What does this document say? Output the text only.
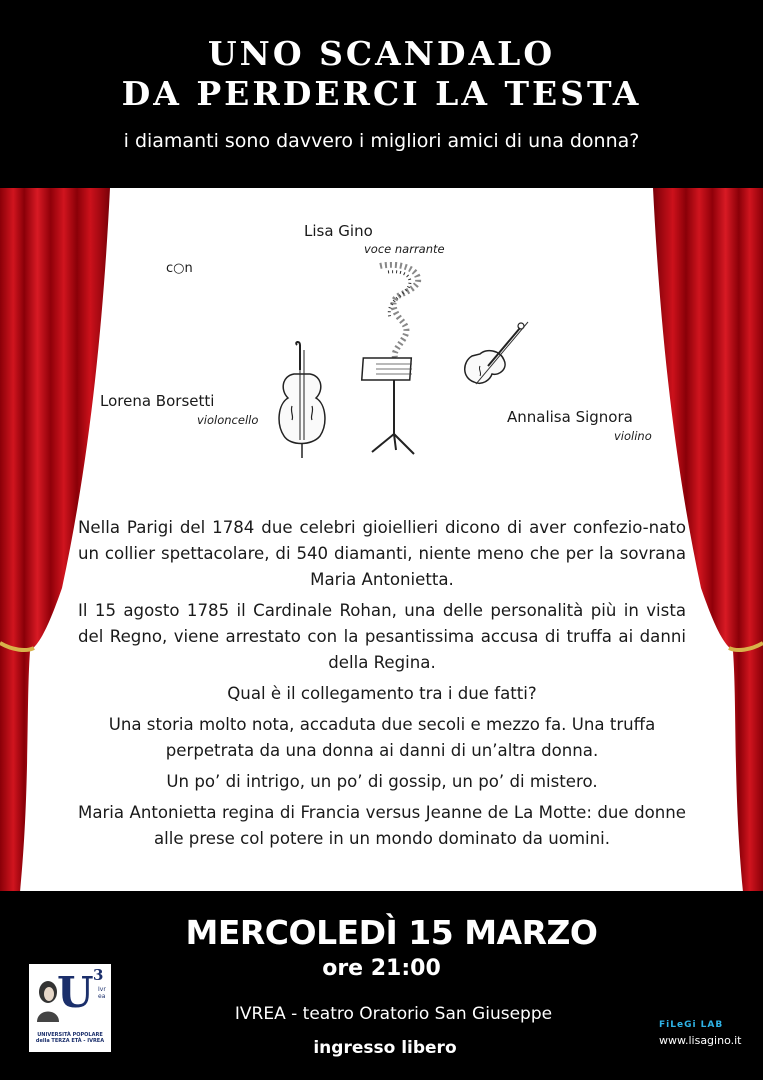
UNO SCANDALO
DA PERDERCI LA TESTA
i diamanti sono davvero i migliori amici di una donna?
c○n
Lisa Gino
voce narrante
Lorena Borsetti
violoncello	Annalisa Signora
violino

Nella Parigi del 1784 due celebri gioiellieri dicono di aver confezio-nato un collier spettacolare, di 540 diamanti, niente meno che per la sovrana Maria Antonietta.

Il 15 agosto 1785 il Cardinale Rohan, una delle personalità più in vista del Regno, viene arrestato con la pesantissima accusa di truffa ai danni della Regina.

Qual è il collegamento tra i due fatti?

Una storia molto nota, accaduta due secoli e mezzo fa. Una truffa perpetrata da una donna ai danni di un’altra donna.

Un po’ di intrigo, un po’ di gossip, un po’ di mistero.

Maria Antonietta regina di Francia versus Jeanne de La Motte: due donne alle prese col potere in un mondo dominato da uomini.

MERCOLEDÌ 15 MARZO
ore 21:00
IVREA - teatro Oratorio San Giuseppe
ingresso libero
U 3
Ivrea
UNIVERSITÀ POPOLARE della TERZA ETÀ - IVREA
FiLeGi LAB
www.lisagino.it
